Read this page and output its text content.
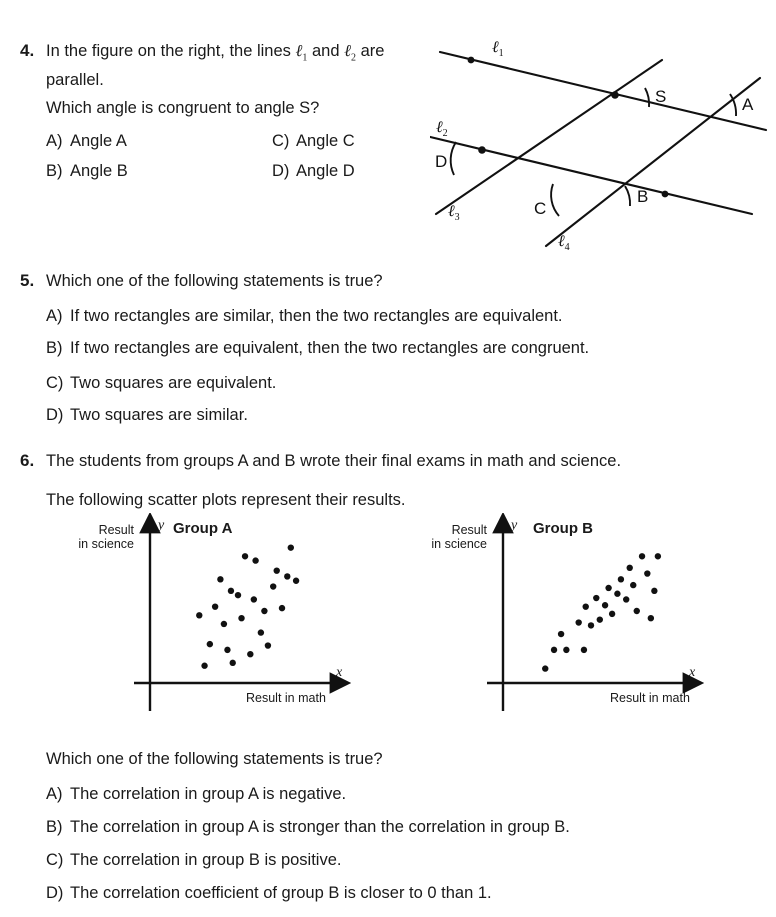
4. In the figure on the right, the lines ℓ$_1$ and ℓ$_2$ are
parallel.
Which angle is congruent to angle S?
A) Angle A
B) Angle B
C) Angle C
D) Angle D
S	A
D
B
C
ℓ$_1$
ℓ$_2$
ℓ$_3$
ℓ$_4$
5. Which one of the following statements is true?
A) If two rectangles are similar, then the two rectangles are equivalent.
B) If two rectangles are equivalent, then the two rectangles are congruent.
C) Two squares are equivalent.
D) Two squares are similar.
6. The students from groups A and B wrote their final exams in math and science.
The following scatter plots represent their results.
Group A
Result
in science
y
x
Result in math
Group B
Result
in science
y
x
Result in math
Which one of the following statements is true?
A) The correlation in group A is negative.
B) The correlation in group A is stronger than the correlation in group B.
C) The correlation in group B is positive.
D) The correlation coefficient of group B is closer to 0 than 1.
